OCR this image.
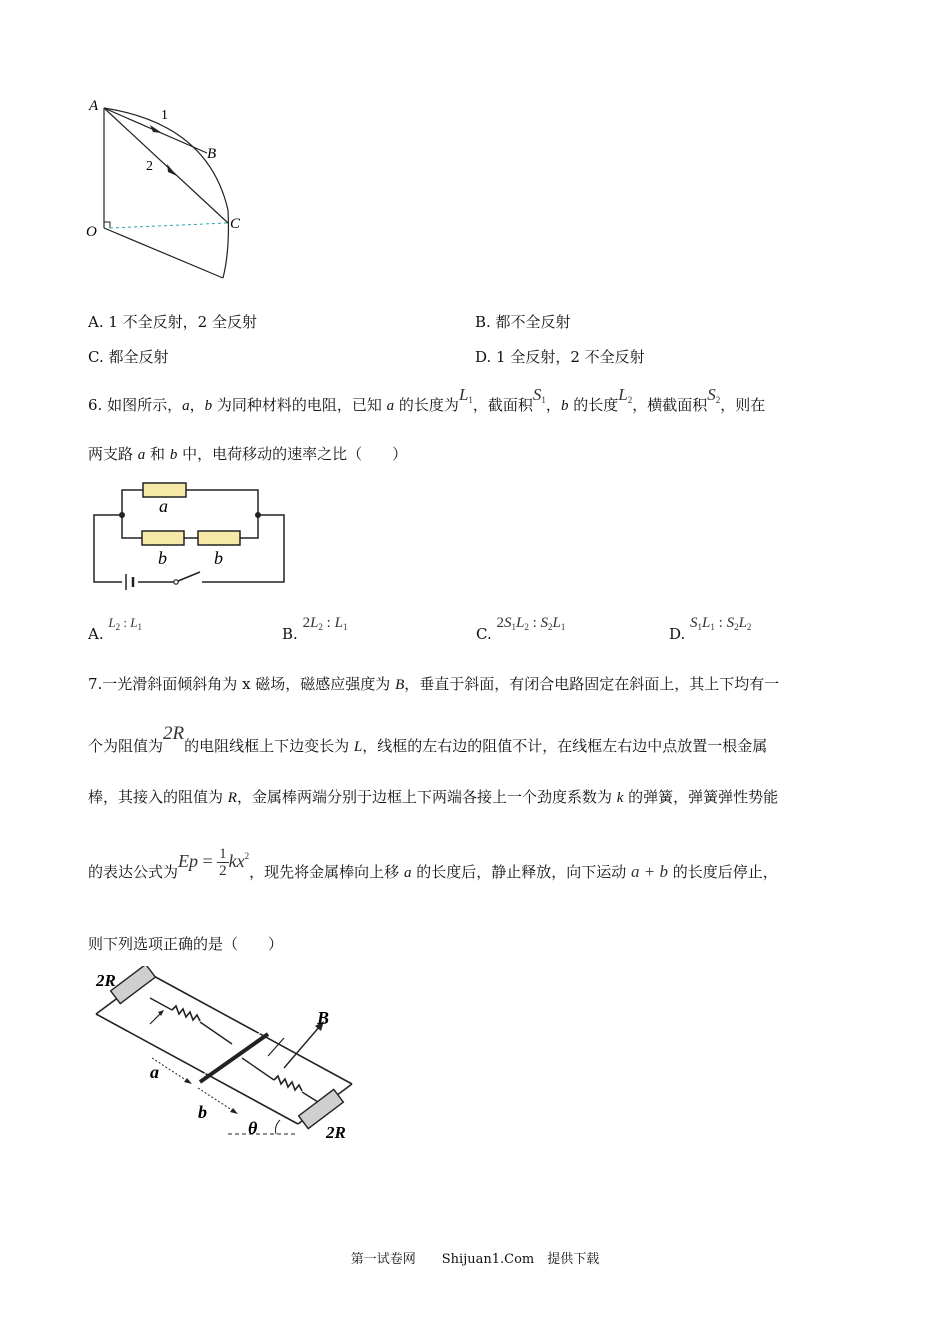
A
B
C
O
1
2
A. 1 不全反射，2 全反射	B. 都不全反射
C. 都全反射	D. 1 全反射，2 不全反射
6. 如图所示，a，b 为同种材料的电阻，已知 a 的长度为$L_1$，截面积$S_1$，b 的长度$L_2$，横截面积$S_2$，则在
两支路 a 和 b 中，电荷移动的速率之比（　　）
a
b	b
A. $L_2$ : $L_1$	B. $2L_2$ : $L_1$	C. $2S_1L_2$ : $S_2L_1$	D. $S_1L_1$ : $S_2L_2$
7.一光滑斜面倾斜角为 x 磁场，磁感应强度为 B，垂直于斜面，有闭合电路固定在斜面上，其上下均有一
个为阻值为2R的电阻线框上下边变长为 L，线框的左右边的阻值不计，在线框左右边中点放置一根金属
棒，其接入的阻值为 R，金属棒两端分别于边框上下两端各接上一个劲度系数为 k 的弹簧，弹簧弹性势能
的表达公式为$Ep = \frac{1}{2} kx^2$，现先将金属棒向上移 a 的长度后，静止释放，向下运动 a + b 的长度后停止，
则下列选项正确的是（　　）
2R
2R
B
a
b
θ
第一试卷网　　Shijuan1.Com　提供下载
